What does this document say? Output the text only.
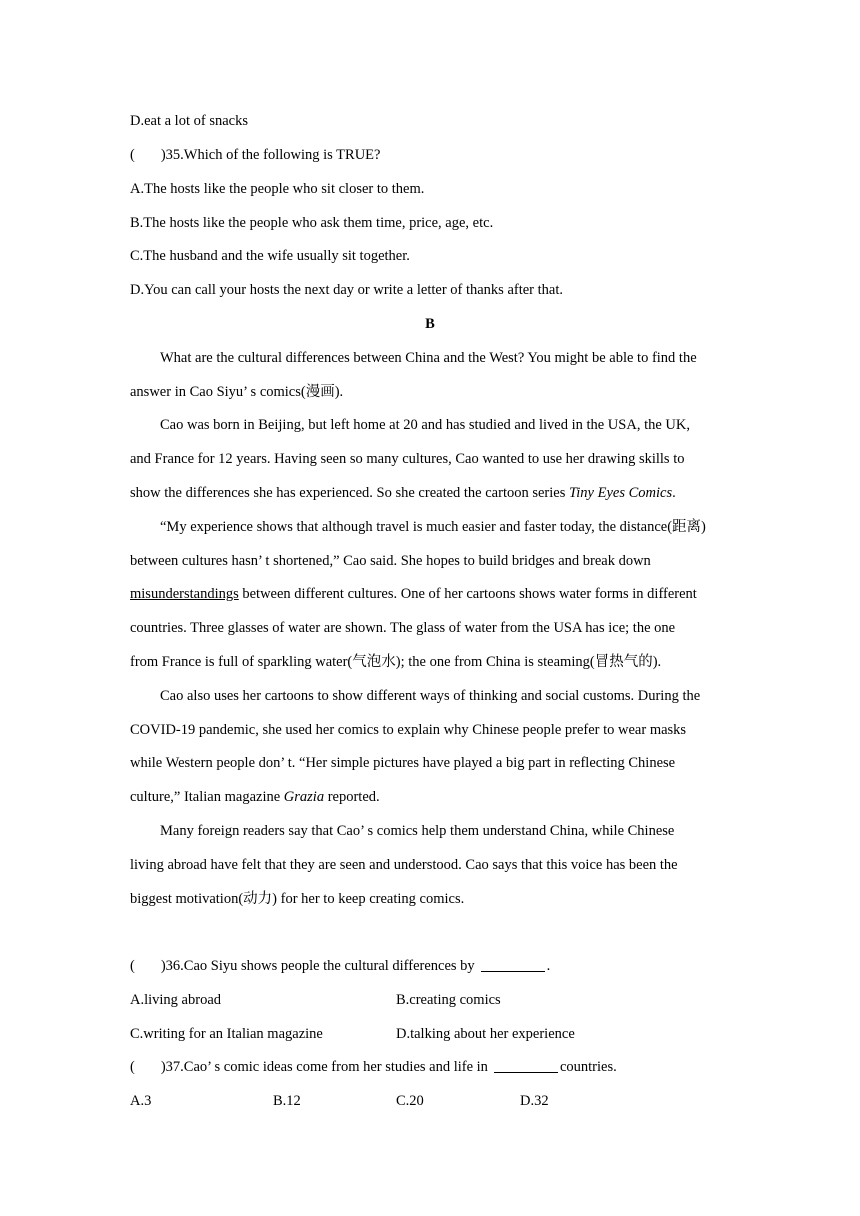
D.eat a lot of snacks
( )35.Which of the following is TRUE?
A.The hosts like the people who sit closer to them.
B.The hosts like the people who ask them time, price, age, etc.
C.The husband and the wife usually sit together.
D.You can call your hosts the next day or write a letter of thanks after that.
B
What are the cultural differences between China and the West? You might be able to find the
answer in Cao Siyu’ s comics(漫画).
Cao was born in Beijing, but left home at 20 and has studied and lived in the USA, the UK,
and France for 12 years. Having seen so many cultures, Cao wanted to use her drawing skills to
show the differences she has experienced. So she created the cartoon series Tiny Eyes Comics.
“My experience shows that although travel is much easier and faster today, the distance(距离)
between cultures hasn’ t shortened,” Cao said. She hopes to build bridges and break down
misunderstandings between different cultures. One of her cartoons shows water forms in different
countries. Three glasses of water are shown. The glass of water from the USA has ice; the one
from France is full of sparkling water(气泡水); the one from China is steaming(冒热气的).
Cao also uses her cartoons to show different ways of thinking and social customs. During the
COVID-19 pandemic, she used her comics to explain why Chinese people prefer to wear masks
while Western people don’ t. “Her simple pictures have played a big part in reflecting Chinese
culture,” Italian magazine Grazia reported.
Many foreign readers say that Cao’ s comics help them understand China, while Chinese
living abroad have felt that they are seen and understood. Cao says that this voice has been the
biggest motivation(动力) for her to keep creating comics.
( )36.Cao Siyu shows people the cultural differences by	.
A.living abroad	B.creating comics
C.writing for an Italian magazine	D.talking about her experience
( )37.Cao’ s comic ideas come from her studies and life in	countries.
A.3	B.12	C.20	D.32
